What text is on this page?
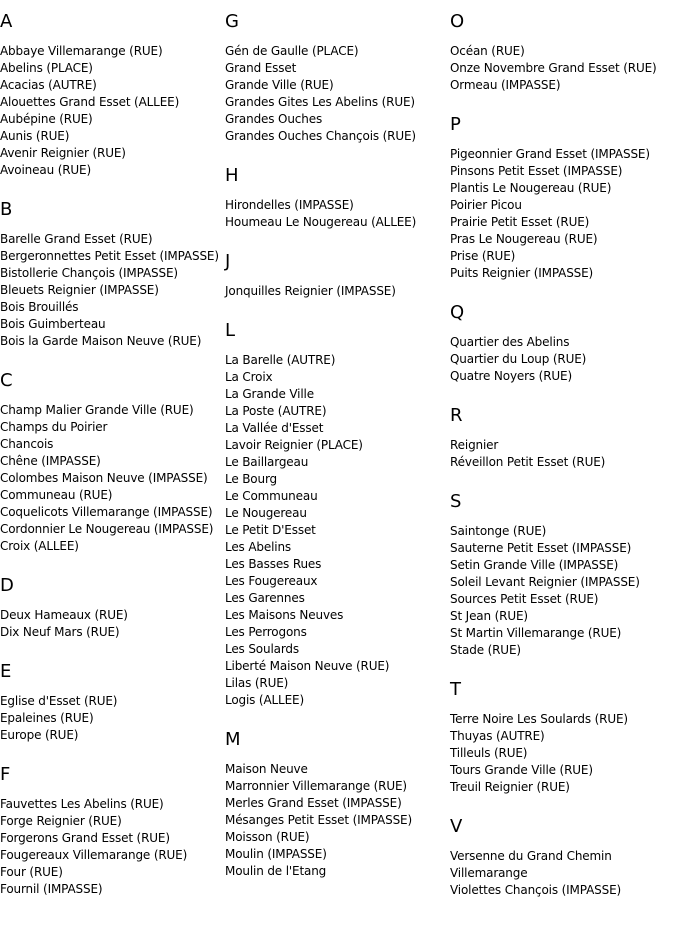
A
Abbaye Villemarange (RUE)
Abelins (PLACE)
Acacias (AUTRE)
Alouettes Grand Esset (ALLEE)
Aubépine (RUE)
Aunis (RUE)
Avenir Reignier (RUE)
Avoineau (RUE)
B
Barelle Grand Esset (RUE)
Bergeronnettes Petit Esset (IMPASSE)
Bistollerie Chançois (IMPASSE)
Bleuets Reignier (IMPASSE)
Bois Brouillés
Bois Guimberteau
Bois la Garde Maison Neuve (RUE)
C
Champ Malier Grande Ville (RUE)
Champs du Poirier
Chancois
Chêne (IMPASSE)
Colombes Maison Neuve (IMPASSE)
Communeau (RUE)
Coquelicots Villemarange (IMPASSE)
Cordonnier Le Nougereau (IMPASSE)
Croix (ALLEE)
D
Deux Hameaux (RUE)
Dix Neuf Mars (RUE)
E
Eglise d'Esset (RUE)
Epaleines (RUE)
Europe (RUE)
F
Fauvettes Les Abelins (RUE)
Forge Reignier (RUE)
Forgerons Grand Esset (RUE)
Fougereaux Villemarange (RUE)
Four (RUE)
Fournil (IMPASSE)
G
Gén de Gaulle (PLACE)
Grand Esset
Grande Ville (RUE)
Grandes Gites Les Abelins (RUE)
Grandes Ouches
Grandes Ouches Chançois (RUE)
H
Hirondelles (IMPASSE)
Houmeau Le Nougereau (ALLEE)
J
Jonquilles Reignier (IMPASSE)
L
La Barelle (AUTRE)
La Croix
La Grande Ville
La Poste (AUTRE)
La Vallée d'Esset
Lavoir Reignier (PLACE)
Le Baillargeau
Le Bourg
Le Communeau
Le Nougereau
Le Petit D'Esset
Les Abelins
Les Basses Rues
Les Fougereaux
Les Garennes
Les Maisons Neuves
Les Perrogons
Les Soulards
Liberté Maison Neuve (RUE)
Lilas (RUE)
Logis (ALLEE)
M
Maison Neuve
Marronnier Villemarange (RUE)
Merles Grand Esset (IMPASSE)
Mésanges Petit Esset (IMPASSE)
Moisson (RUE)
Moulin (IMPASSE)
Moulin de l'Etang
O
Océan (RUE)
Onze Novembre Grand Esset (RUE)
Ormeau (IMPASSE)
P
Pigeonnier Grand Esset (IMPASSE)
Pinsons Petit Esset (IMPASSE)
Plantis Le Nougereau (RUE)
Poirier Picou
Prairie Petit Esset (RUE)
Pras Le Nougereau (RUE)
Prise (RUE)
Puits Reignier (IMPASSE)
Q
Quartier des Abelins
Quartier du Loup (RUE)
Quatre Noyers (RUE)
R
Reignier
Réveillon Petit Esset (RUE)
S
Saintonge (RUE)
Sauterne Petit Esset (IMPASSE)
Setin Grande Ville (IMPASSE)
Soleil Levant Reignier (IMPASSE)
Sources Petit Esset (RUE)
St Jean (RUE)
St Martin Villemarange (RUE)
Stade (RUE)
T
Terre Noire Les Soulards (RUE)
Thuyas (AUTRE)
Tilleuls (RUE)
Tours Grande Ville (RUE)
Treuil Reignier (RUE)
V
Versenne du Grand Chemin Villemarange
Violettes Chançois (IMPASSE)
